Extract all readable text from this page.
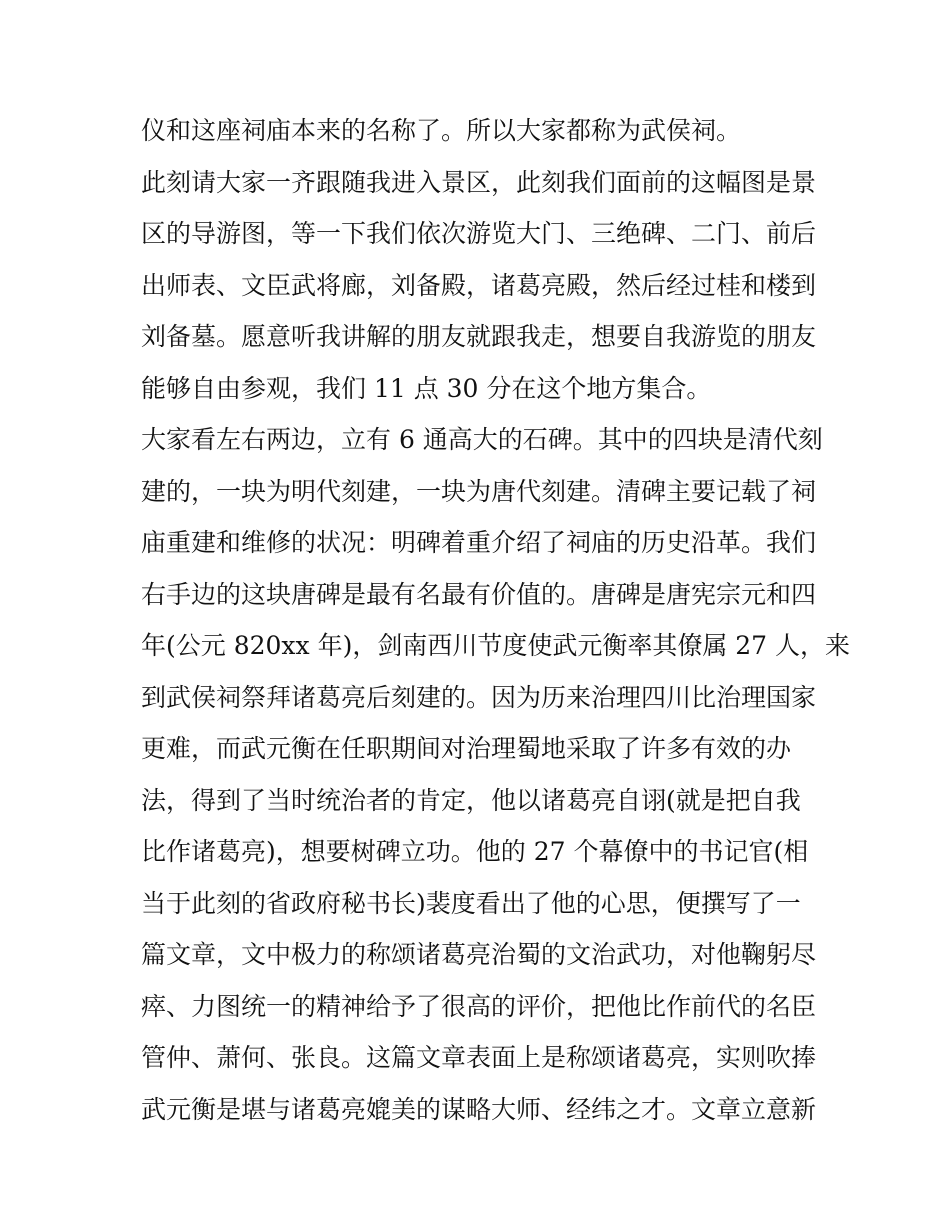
仪和这座祠庙本来的名称了。所以大家都称为武侯祠。
此刻请大家一齐跟随我进入景区，此刻我们面前的这幅图是景
区的导游图，等一下我们依次游览大门、三绝碑、二门、前后
出师表、文臣武将廊，刘备殿，诸葛亮殿，然后经过桂和楼到
刘备墓。愿意听我讲解的朋友就跟我走，想要自我游览的朋友
能够自由参观，我们 11 点 30 分在这个地方集合。
大家看左右两边，立有 6 通高大的石碑。其中的四块是清代刻
建的，一块为明代刻建，一块为唐代刻建。清碑主要记载了祠
庙重建和维修的状况：明碑着重介绍了祠庙的历史沿革。我们
右手边的这块唐碑是最有名最有价值的。唐碑是唐宪宗元和四
年(公元 820xx 年)，剑南西川节度使武元衡率其僚属 27 人，来
到武侯祠祭拜诸葛亮后刻建的。因为历来治理四川比治理国家
更难，而武元衡在任职期间对治理蜀地采取了许多有效的办
法，得到了当时统治者的肯定，他以诸葛亮自诩(就是把自我
比作诸葛亮)，想要树碑立功。他的 27 个幕僚中的书记官(相
当于此刻的省政府秘书长)裴度看出了他的心思，便撰写了一
篇文章，文中极力的称颂诸葛亮治蜀的文治武功，对他鞠躬尽
瘁、力图统一的精神给予了很高的评价，把他比作前代的名臣
管仲、萧何、张良。这篇文章表面上是称颂诸葛亮，实则吹捧
武元衡是堪与诸葛亮媲美的谋略大师、经纬之才。文章立意新
